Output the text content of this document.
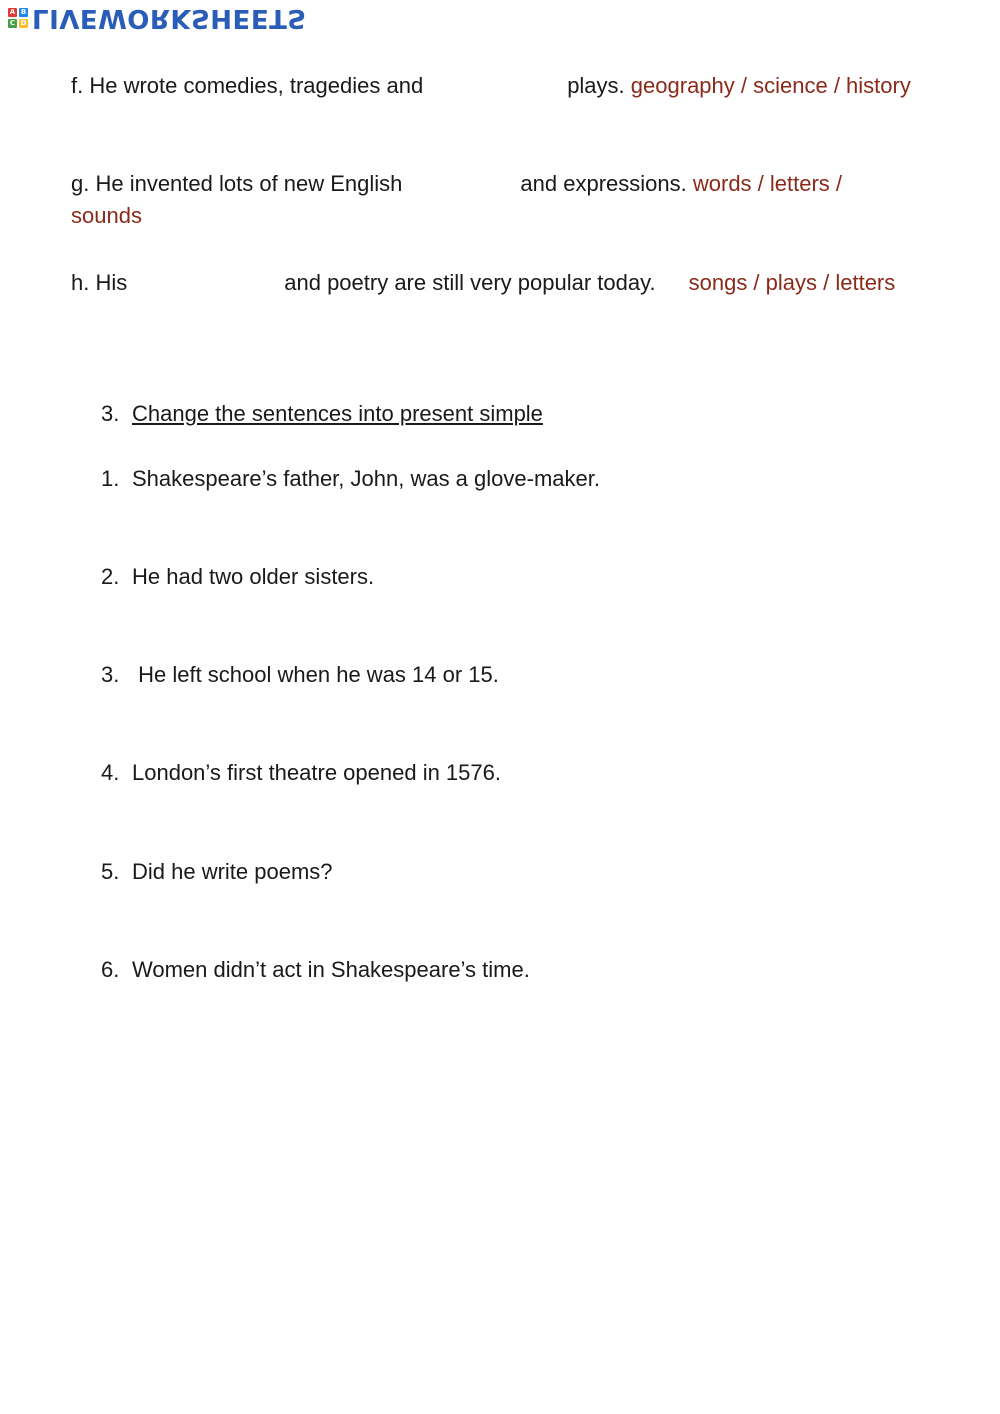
A B
C D LIVEWORKSHEETS
f. He wrote comedies, tragedies and	plays. geography / science / history
g. He invented lots of new English	and expressions. words / letters / sounds
h. His	and poetry are still very popular today. songs / plays / letters
3. Change the sentences into present simple
1. Shakespeare’s father, John, was a glove-maker.
2. He had two older sisters.
3. He left school when he was 14 or 15.
4. London’s first theatre opened in 1576.
5. Did he write poems?
6. Women didn’t act in Shakespeare’s time.
